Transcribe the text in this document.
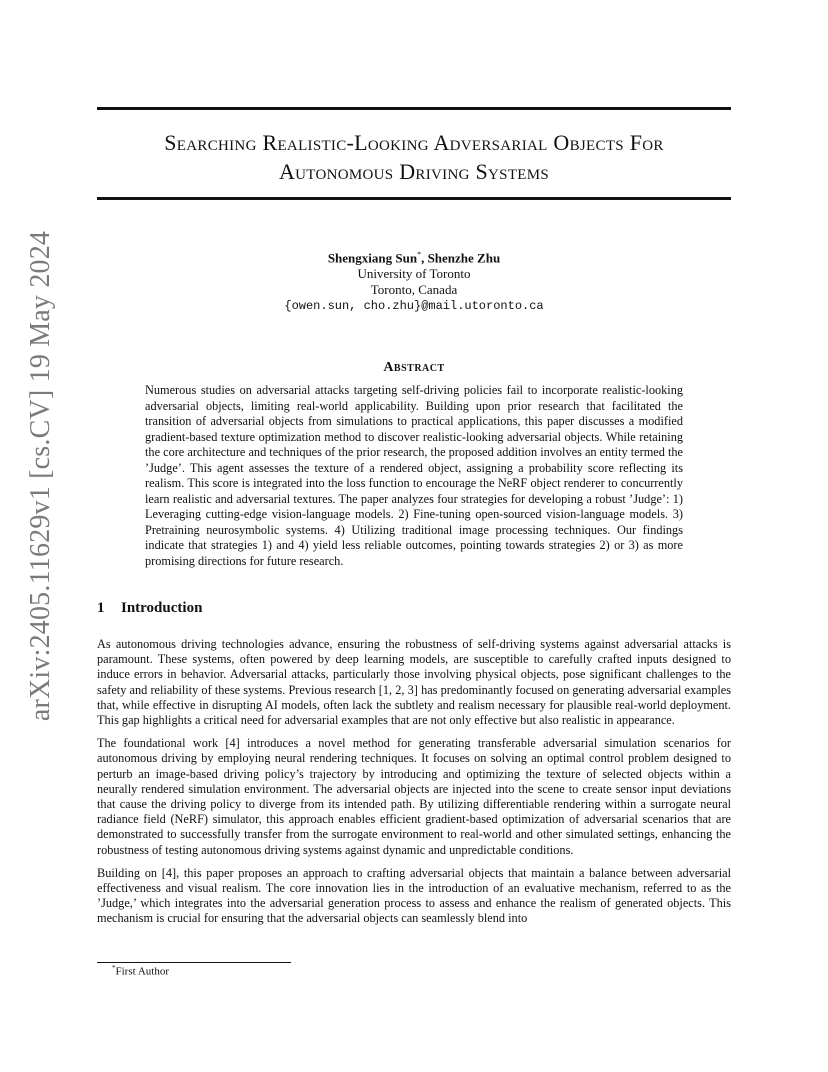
arXiv:2405.11629v1 [cs.CV] 19 May 2024
Searching Realistic-Looking Adversarial Objects For
Autonomous Driving Systems
Shengxiang Sun*, Shenzhe Zhu
University of Toronto
Toronto, Canada
{owen.sun, cho.zhu}@mail.utoronto.ca
Abstract
Numerous studies on adversarial attacks targeting self-driving policies fail to incorporate realistic-looking adversarial objects, limiting real-world applicability. Building upon prior research that facilitated the transition of adversarial objects from simulations to practical applications, this paper discusses a modified gradient-based texture optimization method to discover realistic-looking adversarial objects. While retaining the core architecture and techniques of the prior research, the proposed addition involves an entity termed the ’Judge’. This agent assesses the texture of a rendered object, assigning a probability score reflecting its realism. This score is integrated into the loss function to encourage the NeRF object renderer to concurrently learn realistic and adversarial textures. The paper analyzes four strategies for developing a robust ’Judge’: 1) Leveraging cutting-edge vision-language models. 2) Fine-tuning open-sourced vision-language models. 3) Pretraining neurosymbolic systems. 4) Utilizing traditional image processing techniques. Our findings indicate that strategies 1) and 4) yield less reliable outcomes, pointing towards strategies 2) or 3) as more promising directions for future research.
1 Introduction

As autonomous driving technologies advance, ensuring the robustness of self-driving systems against adversarial attacks is paramount. These systems, often powered by deep learning models, are susceptible to carefully crafted inputs designed to induce errors in behavior. Adversarial attacks, particularly those involving physical objects, pose significant challenges to the safety and reliability of these systems. Previous research [1, 2, 3] has predominantly focused on generating adversarial examples that, while effective in disrupting AI models, often lack the subtlety and realism necessary for plausible real-world deployment. This gap highlights a critical need for adversarial examples that are not only effective but also realistic in appearance.

The foundational work [4] introduces a novel method for generating transferable adversarial simulation scenarios for autonomous driving by employing neural rendering techniques. It focuses on solving an optimal control problem designed to perturb an image-based driving policy’s trajectory by introducing and optimizing the texture of selected objects within a neurally rendered simulation environment. The adversarial objects are injected into the scene to create sensor input deviations that cause the driving policy to diverge from its intended path. By utilizing differentiable rendering within a surrogate neural radiance field (NeRF) simulator, this approach enables efficient gradient-based optimization of adversarial scenarios that are demonstrated to successfully transfer from the surrogate environment to real-world and other simulated settings, enhancing the robustness of testing autonomous driving systems against dynamic and unpredictable conditions.

Building on [4], this paper proposes an approach to crafting adversarial objects that maintain a balance between adversarial effectiveness and visual realism. The core innovation lies in the introduction of an evaluative mechanism, referred to as the ’Judge,’ which integrates into the adversarial generation process to assess and enhance the realism of generated objects. This mechanism is crucial for ensuring that the adversarial objects can seamlessly blend into

*First Author
